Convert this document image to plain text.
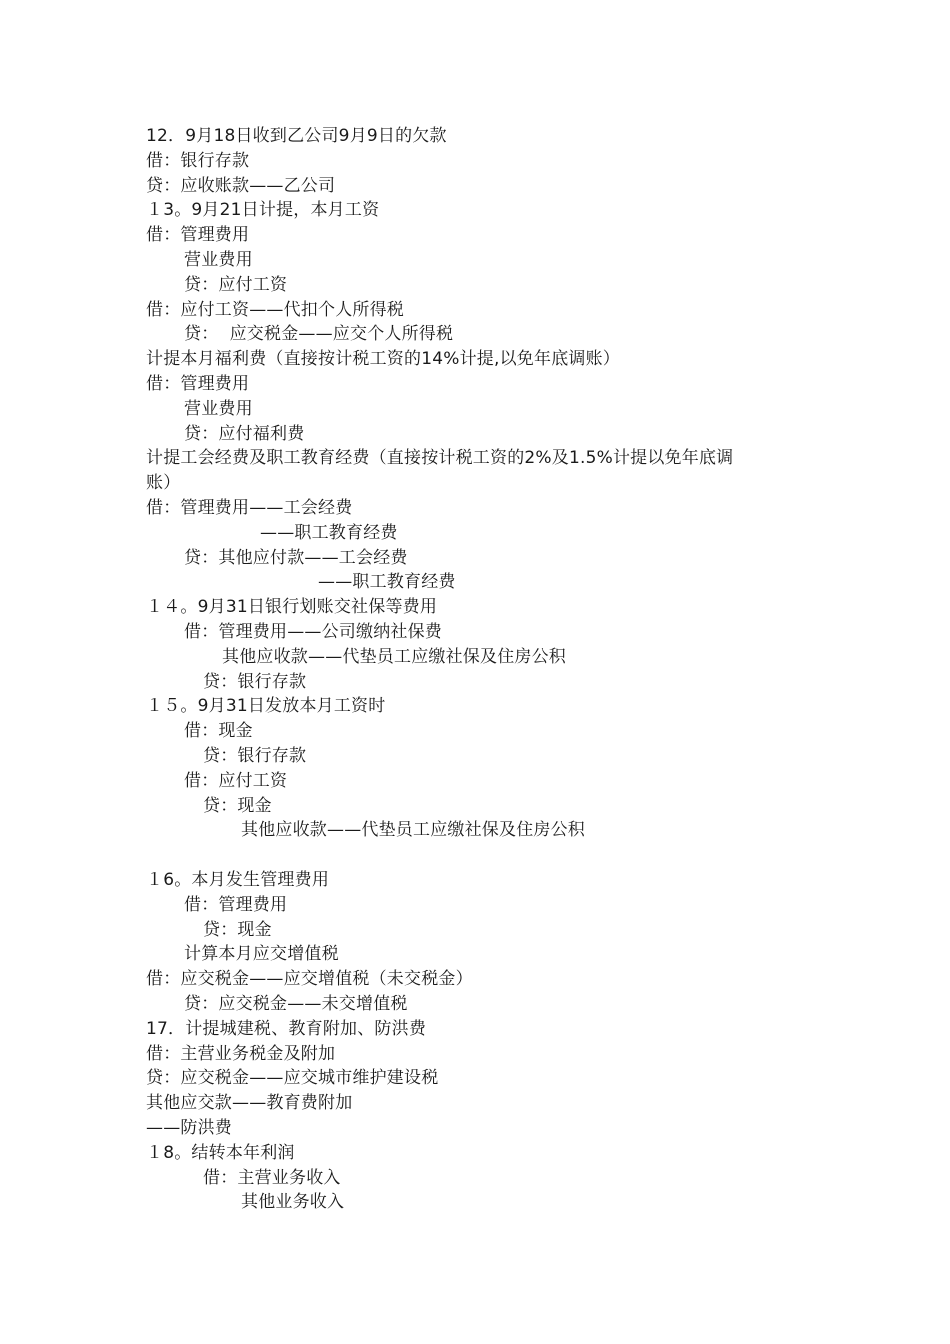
12．9月18日收到乙公司9月9日的欠款
借：银行存款
贷：应收账款——乙公司
１3。9月21日计提，本月工资
借：管理费用
营业费用
贷：应付工资
借：应付工资——代扣个人所得税
贷：  应交税金——应交个人所得税
计提本月福利费（直接按计税工资的14%计提,以免年底调账）
借：管理费用
营业费用
贷：应付福利费
计提工会经费及职工教育经费（直接按计税工资的2%及1.5%计提以免年底调
账）
借：管理费用——工会经费
——职工教育经费
贷：其他应付款——工会经费
——职工教育经费
１４。9月31日银行划账交社保等费用
借：管理费用——公司缴纳社保费
其他应收款——代垫员工应缴社保及住房公积
贷：银行存款
１５。9月31日发放本月工资时
借：现金
贷：银行存款
借：应付工资
贷：现金
其他应收款——代垫员工应缴社保及住房公积
１6。本月发生管理费用
借：管理费用
贷：现金
计算本月应交增值税
借：应交税金——应交增值税（未交税金）
贷：应交税金——未交增值税
17．计提城建税、教育附加、防洪费
借：主营业务税金及附加
贷：应交税金——应交城市维护建设税
其他应交款——教育费附加
——防洪费
１8。结转本年利润
借：主营业务收入
其他业务收入
